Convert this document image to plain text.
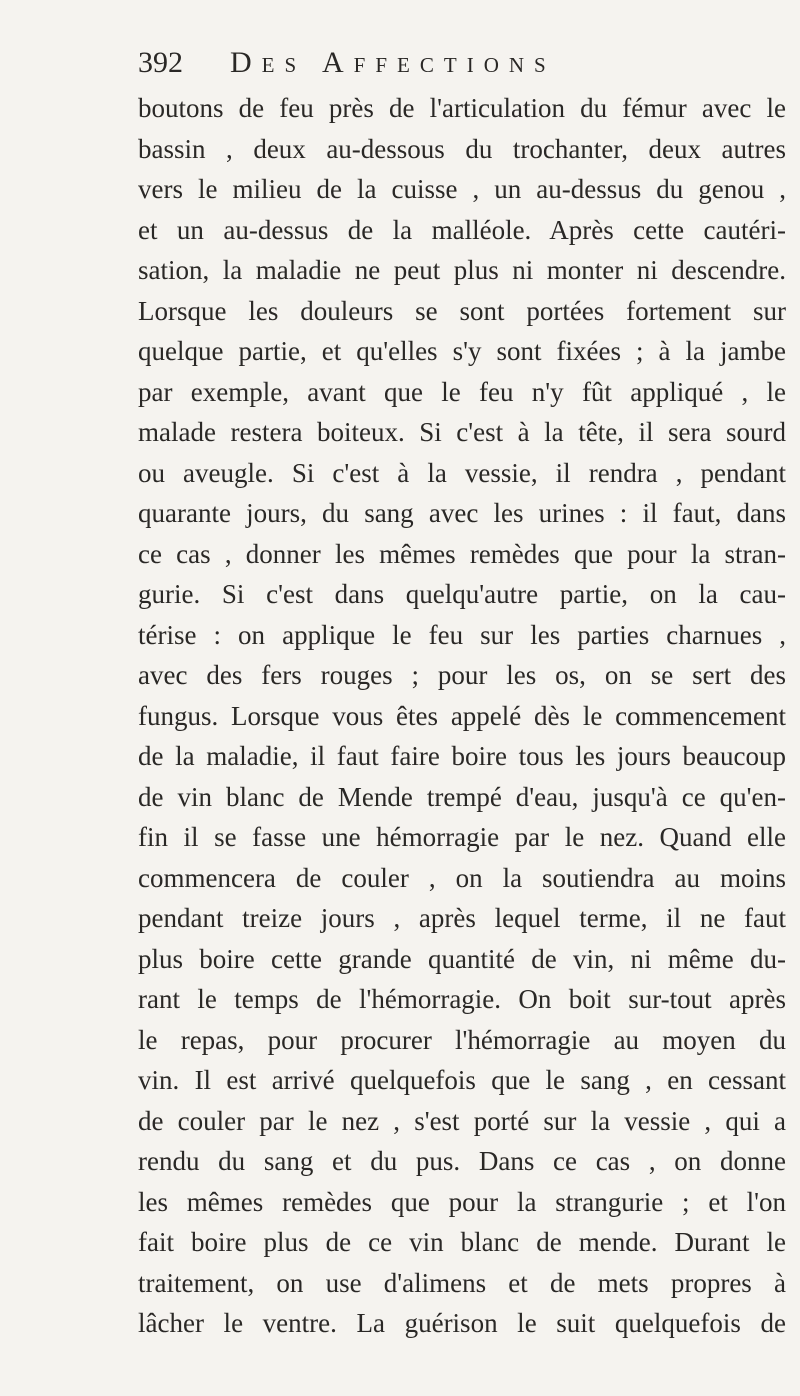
392	Des Affections
boutons de feu près de l'articulation du fémur avec le
bassin , deux au-dessous du trochanter, deux autres
vers le milieu de la cuisse , un au-dessus du genou ,
et un au-dessus de la malléole. Après cette cautéri-
sation, la maladie ne peut plus ni monter ni descendre.
Lorsque les douleurs se sont portées fortement sur
quelque partie, et qu'elles s'y sont fixées ; à la jambe
par exemple, avant que le feu n'y fût appliqué , le
malade restera boiteux. Si c'est à la tête, il sera sourd
ou aveugle. Si c'est à la vessie, il rendra , pendant
quarante jours, du sang avec les urines : il faut, dans
ce cas , donner les mêmes remèdes que pour la stran-
gurie. Si c'est dans quelqu'autre partie, on la cau-
térise : on applique le feu sur les parties charnues ,
avec des fers rouges ; pour les os, on se sert des
fungus. Lorsque vous êtes appelé dès le commencement
de la maladie, il faut faire boire tous les jours beaucoup
de vin blanc de Mende trempé d'eau, jusqu'à ce qu'en-
fin il se fasse une hémorragie par le nez. Quand elle
commencera de couler , on la soutiendra au moins
pendant treize jours , après lequel terme, il ne faut
plus boire cette grande quantité de vin, ni même du-
rant le temps de l'hémorragie. On boit sur-tout après
le repas, pour procurer l'hémorragie au moyen du
vin. Il est arrivé quelquefois que le sang , en cessant
de couler par le nez , s'est porté sur la vessie , qui a
rendu du sang et du pus. Dans ce cas , on donne
les mêmes remèdes que pour la strangurie ; et l'on
fait boire plus de ce vin blanc de mende. Durant le
traitement, on use d'alimens et de mets propres à
lâcher le ventre. La guérison le suit quelquefois de
